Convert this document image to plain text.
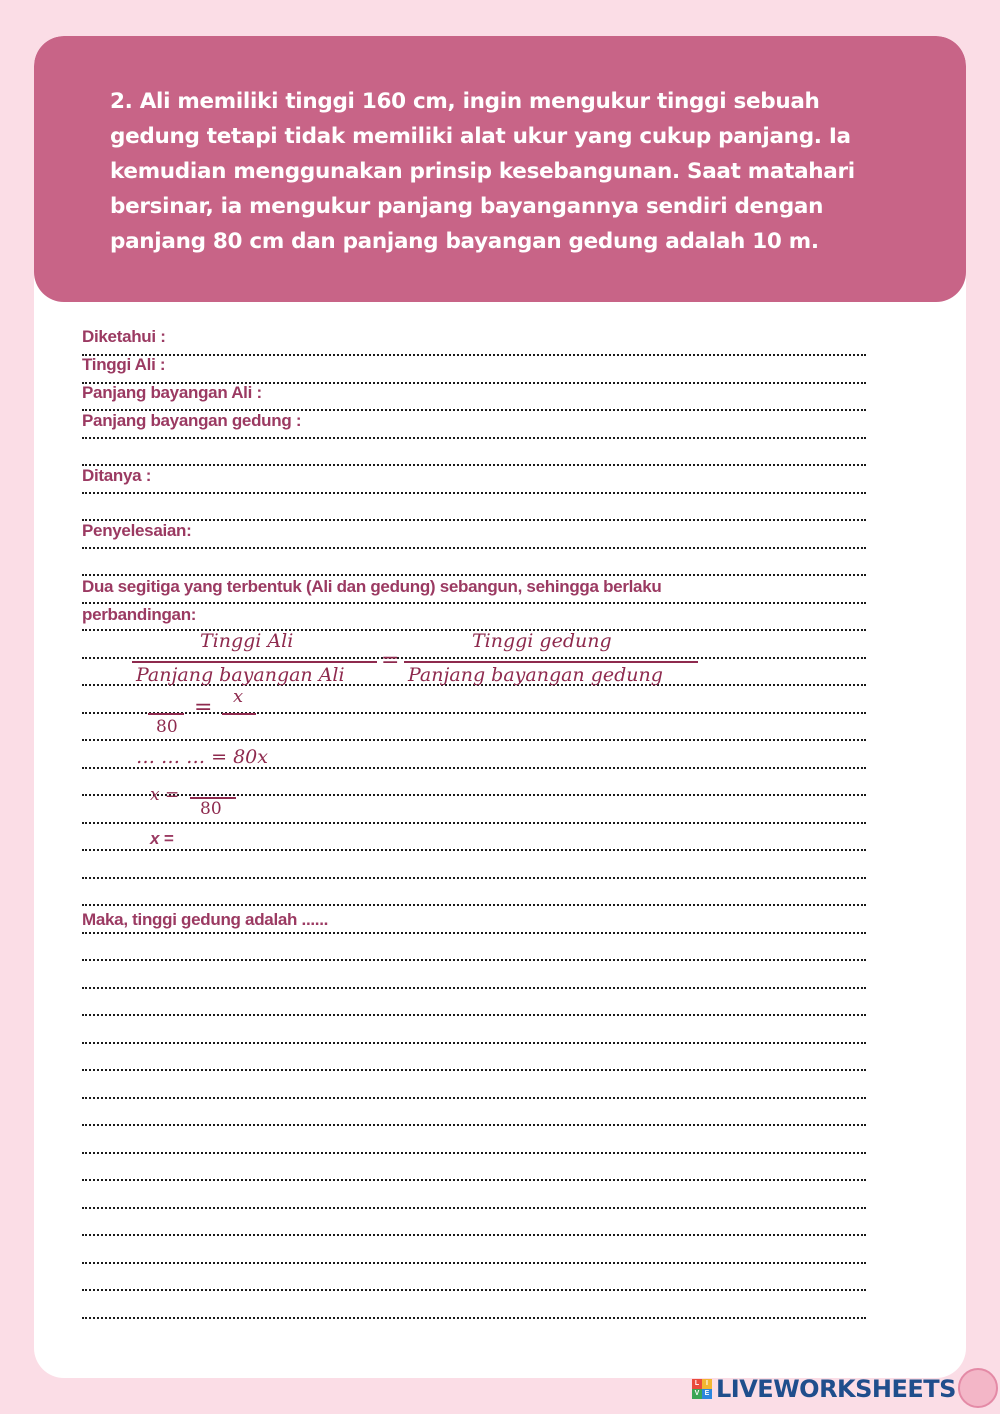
2. Ali memiliki tinggi 160 cm, ingin mengukur tinggi sebuah gedung tetapi tidak memiliki alat ukur yang cukup panjang. Ia kemudian menggunakan prinsip kesebangunan. Saat matahari bersinar, ia mengukur panjang bayangannya sendiri dengan panjang 80 cm dan panjang bayangan gedung adalah 10 m.
Diketahui :
Tinggi Ali :
Panjang bayangan Ali :
Panjang bayangan gedung :
Ditanya :
Penyelesaian:
Dua segitiga yang terbentuk (Ali dan gedung) sebangun, sehingga berlaku
perbandingan:
Maka, tinggi gedung adalah ......
Tinggi Ali
Panjang bayangan Ali
=
Tinggi gedung
Panjang bayangan gedung
80
= x
… … … = 80x
x =
80
x =
L I
V E LIVEWORKSHEETS
